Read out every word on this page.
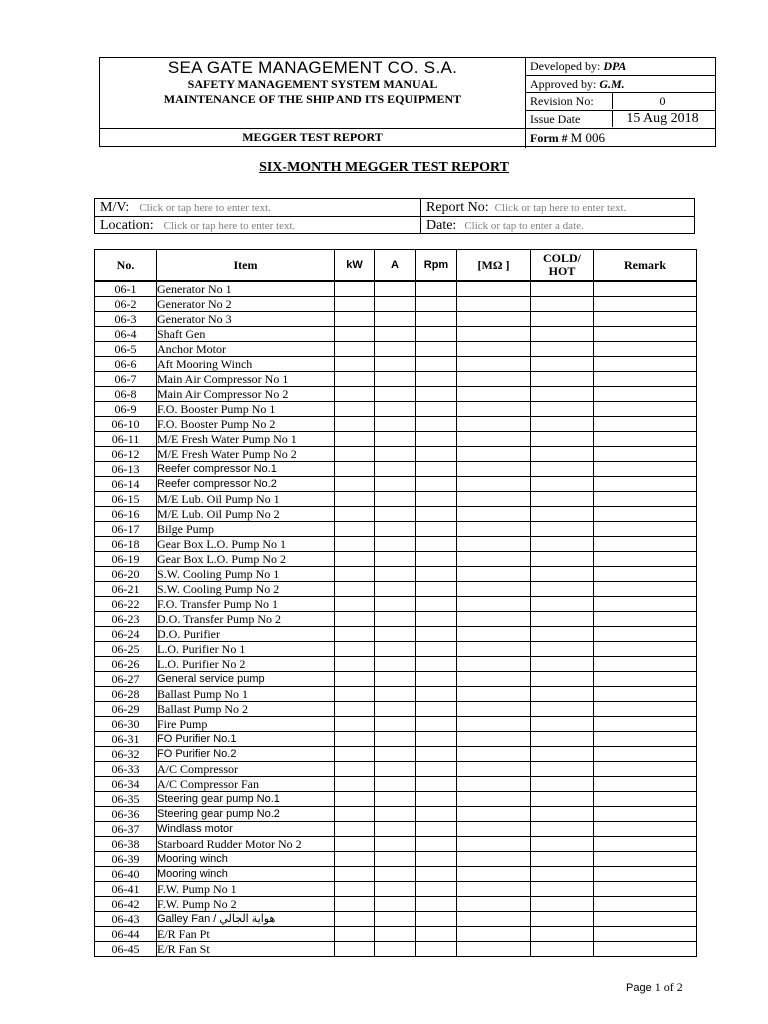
SEA GATE MANAGEMENT CO. S.A.
SAFETY MANAGEMENT SYSTEM MANUAL
MAINTENANCE OF THE SHIP AND ITS EQUIPMENT
Developed by: DPA
Approved by: G.M.
Revision No:	0
Issue Date	15 Aug 2018
MEGGER TEST REPORT	Form # M 006
SIX-MONTH MEGGER TEST REPORT
M/V: Click or tap here to enter text.	Report No: Click or tap here to enter text.
Location: Click or tap here to enter text.	Date: Click or tap to enter a date.
No.	Item	kW	A	Rpm	[MΩ ]	COLD/ HOT	Remark
06-1	Generator No 1						
06-2	Generator No 2						
06-3	Generator No 3						
06-4	Shaft Gen						
06-5	Anchor Motor						
06-6	Aft Mooring Winch						
06-7	Main Air Compressor No 1						
06-8	Main Air Compressor No 2						
06-9	F.O. Booster Pump No 1						
06-10	F.O. Booster Pump No 2						
06-11	M/E Fresh Water Pump No 1						
06-12	M/E Fresh Water Pump No 2						
06-13	Reefer compressor No.1						
06-14	Reefer compressor No.2						
06-15	M/E Lub. Oil Pump No 1						
06-16	M/E Lub. Oil Pump No 2						
06-17	Bilge Pump						
06-18	Gear Box L.O. Pump No 1						
06-19	Gear Box L.O. Pump No 2						
06-20	S.W. Cooling Pump No 1						
06-21	S.W. Cooling Pump No 2						
06-22	F.O. Transfer Pump No 1						
06-23	D.O. Transfer Pump No 2						
06-24	D.O. Purifier						
06-25	L.O. Purifier No 1						
06-26	L.O. Purifier No 2						
06-27	General service pump						
06-28	Ballast Pump No 1						
06-29	Ballast Pump No 2						
06-30	Fire Pump						
06-31	FO Purifier No.1						
06-32	FO Purifier No.2						
06-33	A/C Compressor						
06-34	A/C Compressor Fan						
06-35	Steering gear pump No.1						
06-36	Steering gear pump No.2						
06-37	Windlass motor						
06-38	Starboard Rudder Motor No 2						
06-39	Mooring winch						
06-40	Mooring winch						
06-41	F.W. Pump No 1						
06-42	F.W. Pump No 2						
06-43	Galley Fan / هواية الجالي						
06-44	E/R Fan Pt						
06-45	E/R Fan St						
Page 1 of 2
